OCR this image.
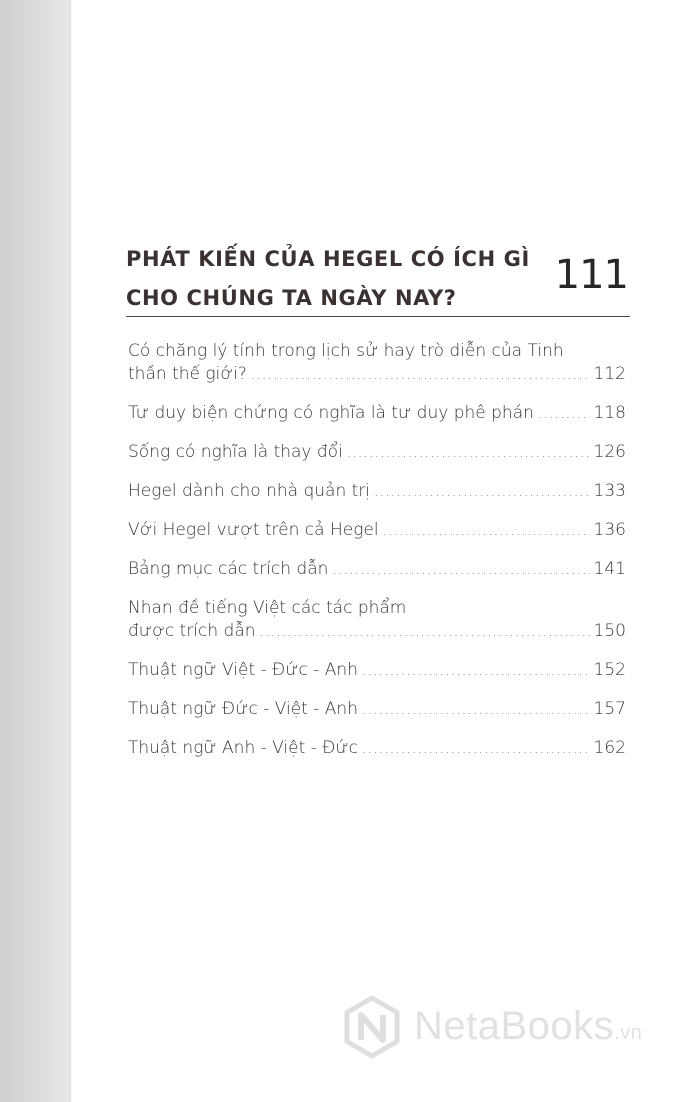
PHÁT KIẾN CỦA HEGEL CÓ ÍCH GÌ
CHO CHÚNG TA NGÀY NAY?	111
Có chăng lý tính trong lịch sử hay trò diễn của Tinh
thần thế giới? .....	112
Tư duy biện chứng có nghĩa là tư duy phê phán .....	118
Sống có nghĩa là thay đổi .....	126
Hegel dành cho nhà quản trị .....	133
Với Hegel vượt trên cả Hegel .....	136
Bảng mục các trích dẫn .....	141
Nhan đề tiếng Việt các tác phẩm
được trích dẫn .....	150
Thuật ngữ Việt - Đức - Anh .....	152
Thuật ngữ Đức - Việt - Anh .....	157
Thuật ngữ Anh - Việt - Đức .....	162
NetaBooks.vn
